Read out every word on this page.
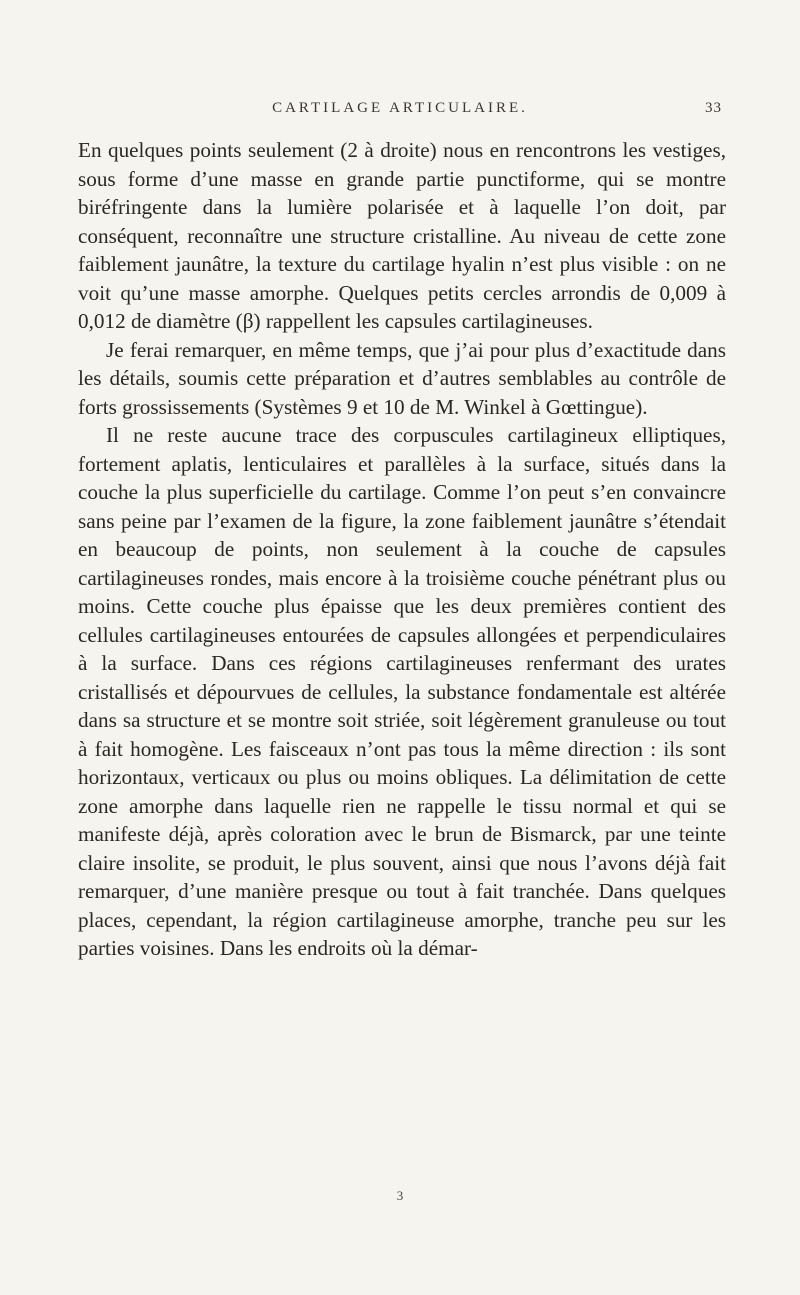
CARTILAGE ARTICULAIRE.	33

En quelques points seulement (2 à droite) nous en rencontrons les vestiges, sous forme d’une masse en grande partie punctiforme, qui se montre biréfringente dans la lumière polarisée et à laquelle l’on doit, par conséquent, reconnaître une structure cristalline. Au niveau de cette zone faiblement jaunâtre, la texture du cartilage hyalin n’est plus visible : on ne voit qu’une masse amorphe. Quelques petits cercles arrondis de 0,009 à 0,012 de diamètre (β) rappellent les capsules cartilagineuses.

Je ferai remarquer, en même temps, que j’ai pour plus d’exactitude dans les détails, soumis cette préparation et d’autres semblables au contrôle de forts grossissements (Systèmes 9 et 10 de M. Winkel à Gœttingue).

Il ne reste aucune trace des corpuscules cartilagineux elliptiques, fortement aplatis, lenticulaires et parallèles à la surface, situés dans la couche la plus superficielle du cartilage. Comme l’on peut s’en convaincre sans peine par l’examen de la figure, la zone faiblement jaunâtre s’étendait en beaucoup de points, non seulement à la couche de capsules cartilagineuses rondes, mais encore à la troisième couche pénétrant plus ou moins. Cette couche plus épaisse que les deux premières contient des cellules cartilagineuses entourées de capsules allongées et perpendiculaires à la surface. Dans ces régions cartilagineuses renfermant des urates cristallisés et dépourvues de cellules, la substance fondamentale est altérée dans sa structure et se montre soit striée, soit légèrement granuleuse ou tout à fait homogène. Les faisceaux n’ont pas tous la même direction : ils sont horizontaux, verticaux ou plus ou moins obliques. La délimitation de cette zone amorphe dans laquelle rien ne rappelle le tissu normal et qui se manifeste déjà, après coloration avec le brun de Bismarck, par une teinte claire insolite, se produit, le plus souvent, ainsi que nous l’avons déjà fait remarquer, d’une manière presque ou tout à fait tranchée. Dans quelques places, cependant, la région cartilagineuse amorphe, tranche peu sur les parties voisines. Dans les endroits où la démar-

3
